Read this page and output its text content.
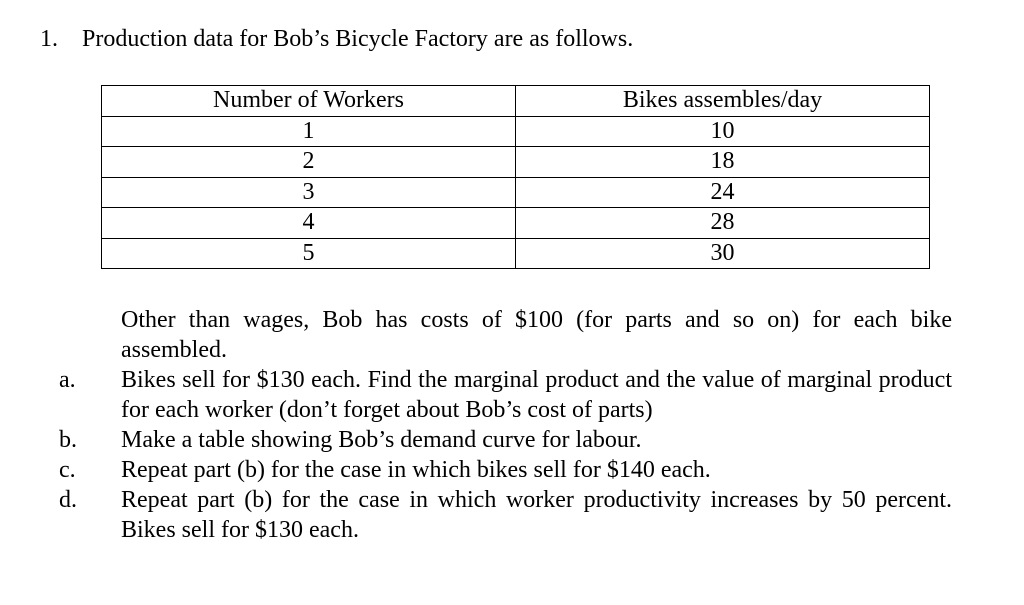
1. Production data for Bob’s Bicycle Factory are as follows.
Number of Workers	Bikes assembles/day
1	10
2	18
3	24
4	28
5	30
Other than wages, Bob has costs of $100 (for parts and so on) for each bike assembled.
a. Bikes sell for $130 each. Find the marginal product and the value of marginal product for each worker (don’t forget about Bob’s cost of parts)
b. Make a table showing Bob’s demand curve for labour.
c. Repeat part (b) for the case in which bikes sell for $140 each.
d. Repeat part (b) for the case in which worker productivity increases by 50 percent. Bikes sell for $130 each.
